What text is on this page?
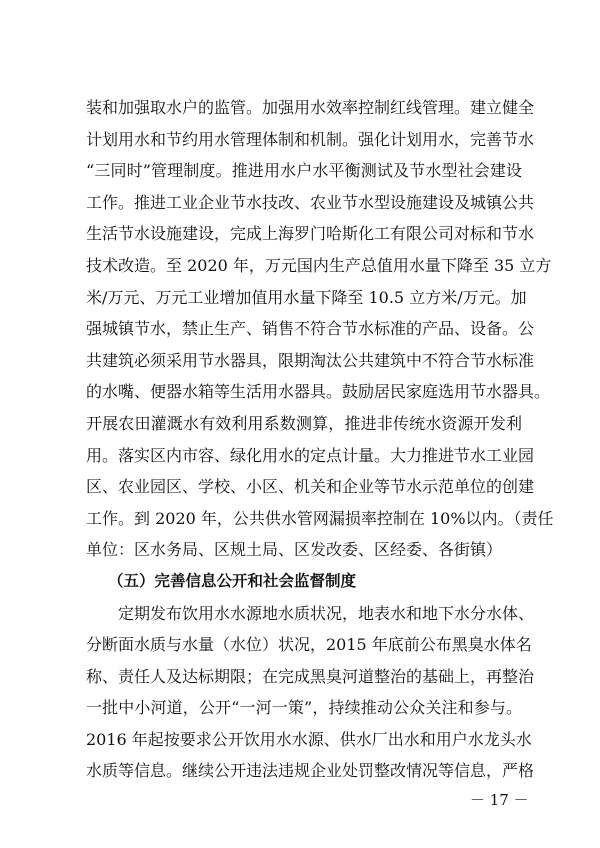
装和加强取水户的监管。加强用水效率控制红线管理。建立健全
计划用水和节约用水管理体制和机制。强化计划用水，完善节水
“三同时”管理制度。推进用水户水平衡测试及节水型社会建设
工作。推进工业企业节水技改、农业节水型设施建设及城镇公共
生活节水设施建设，完成上海罗门哈斯化工有限公司对标和节水
技术改造。至 2020 年，万元国内生产总值用水量下降至 35 立方
米/万元、万元工业增加值用水量下降至 10.5 立方米/万元。加
强城镇节水，禁止生产、销售不符合节水标准的产品、设备。公
共建筑必须采用节水器具，限期淘汰公共建筑中不符合节水标准
的水嘴、便器水箱等生活用水器具。鼓励居民家庭选用节水器具。
开展农田灌溉水有效利用系数测算，推进非传统水资源开发利
用。落实区内市容、绿化用水的定点计量。大力推进节水工业园
区、农业园区、学校、小区、机关和企业等节水示范单位的创建
工作。到 2020 年，公共供水管网漏损率控制在 10%以内。（责任
单位：区水务局、区规土局、区发改委、区经委、各街镇）
（五）完善信息公开和社会监督制度
　　定期发布饮用水水源地水质状况，地表水和地下水分水体、
分断面水质与水量（水位）状况，2015 年底前公布黑臭水体名
称、责任人及达标期限；在完成黑臭河道整治的基础上，再整治
一批中小河道，公开“一河一策”，持续推动公众关注和参与。
2016 年起按要求公开饮用水水源、供水厂出水和用户水龙头水
水质等信息。继续公开违法违规企业处罚整改情况等信息，严格
－ 17 －
